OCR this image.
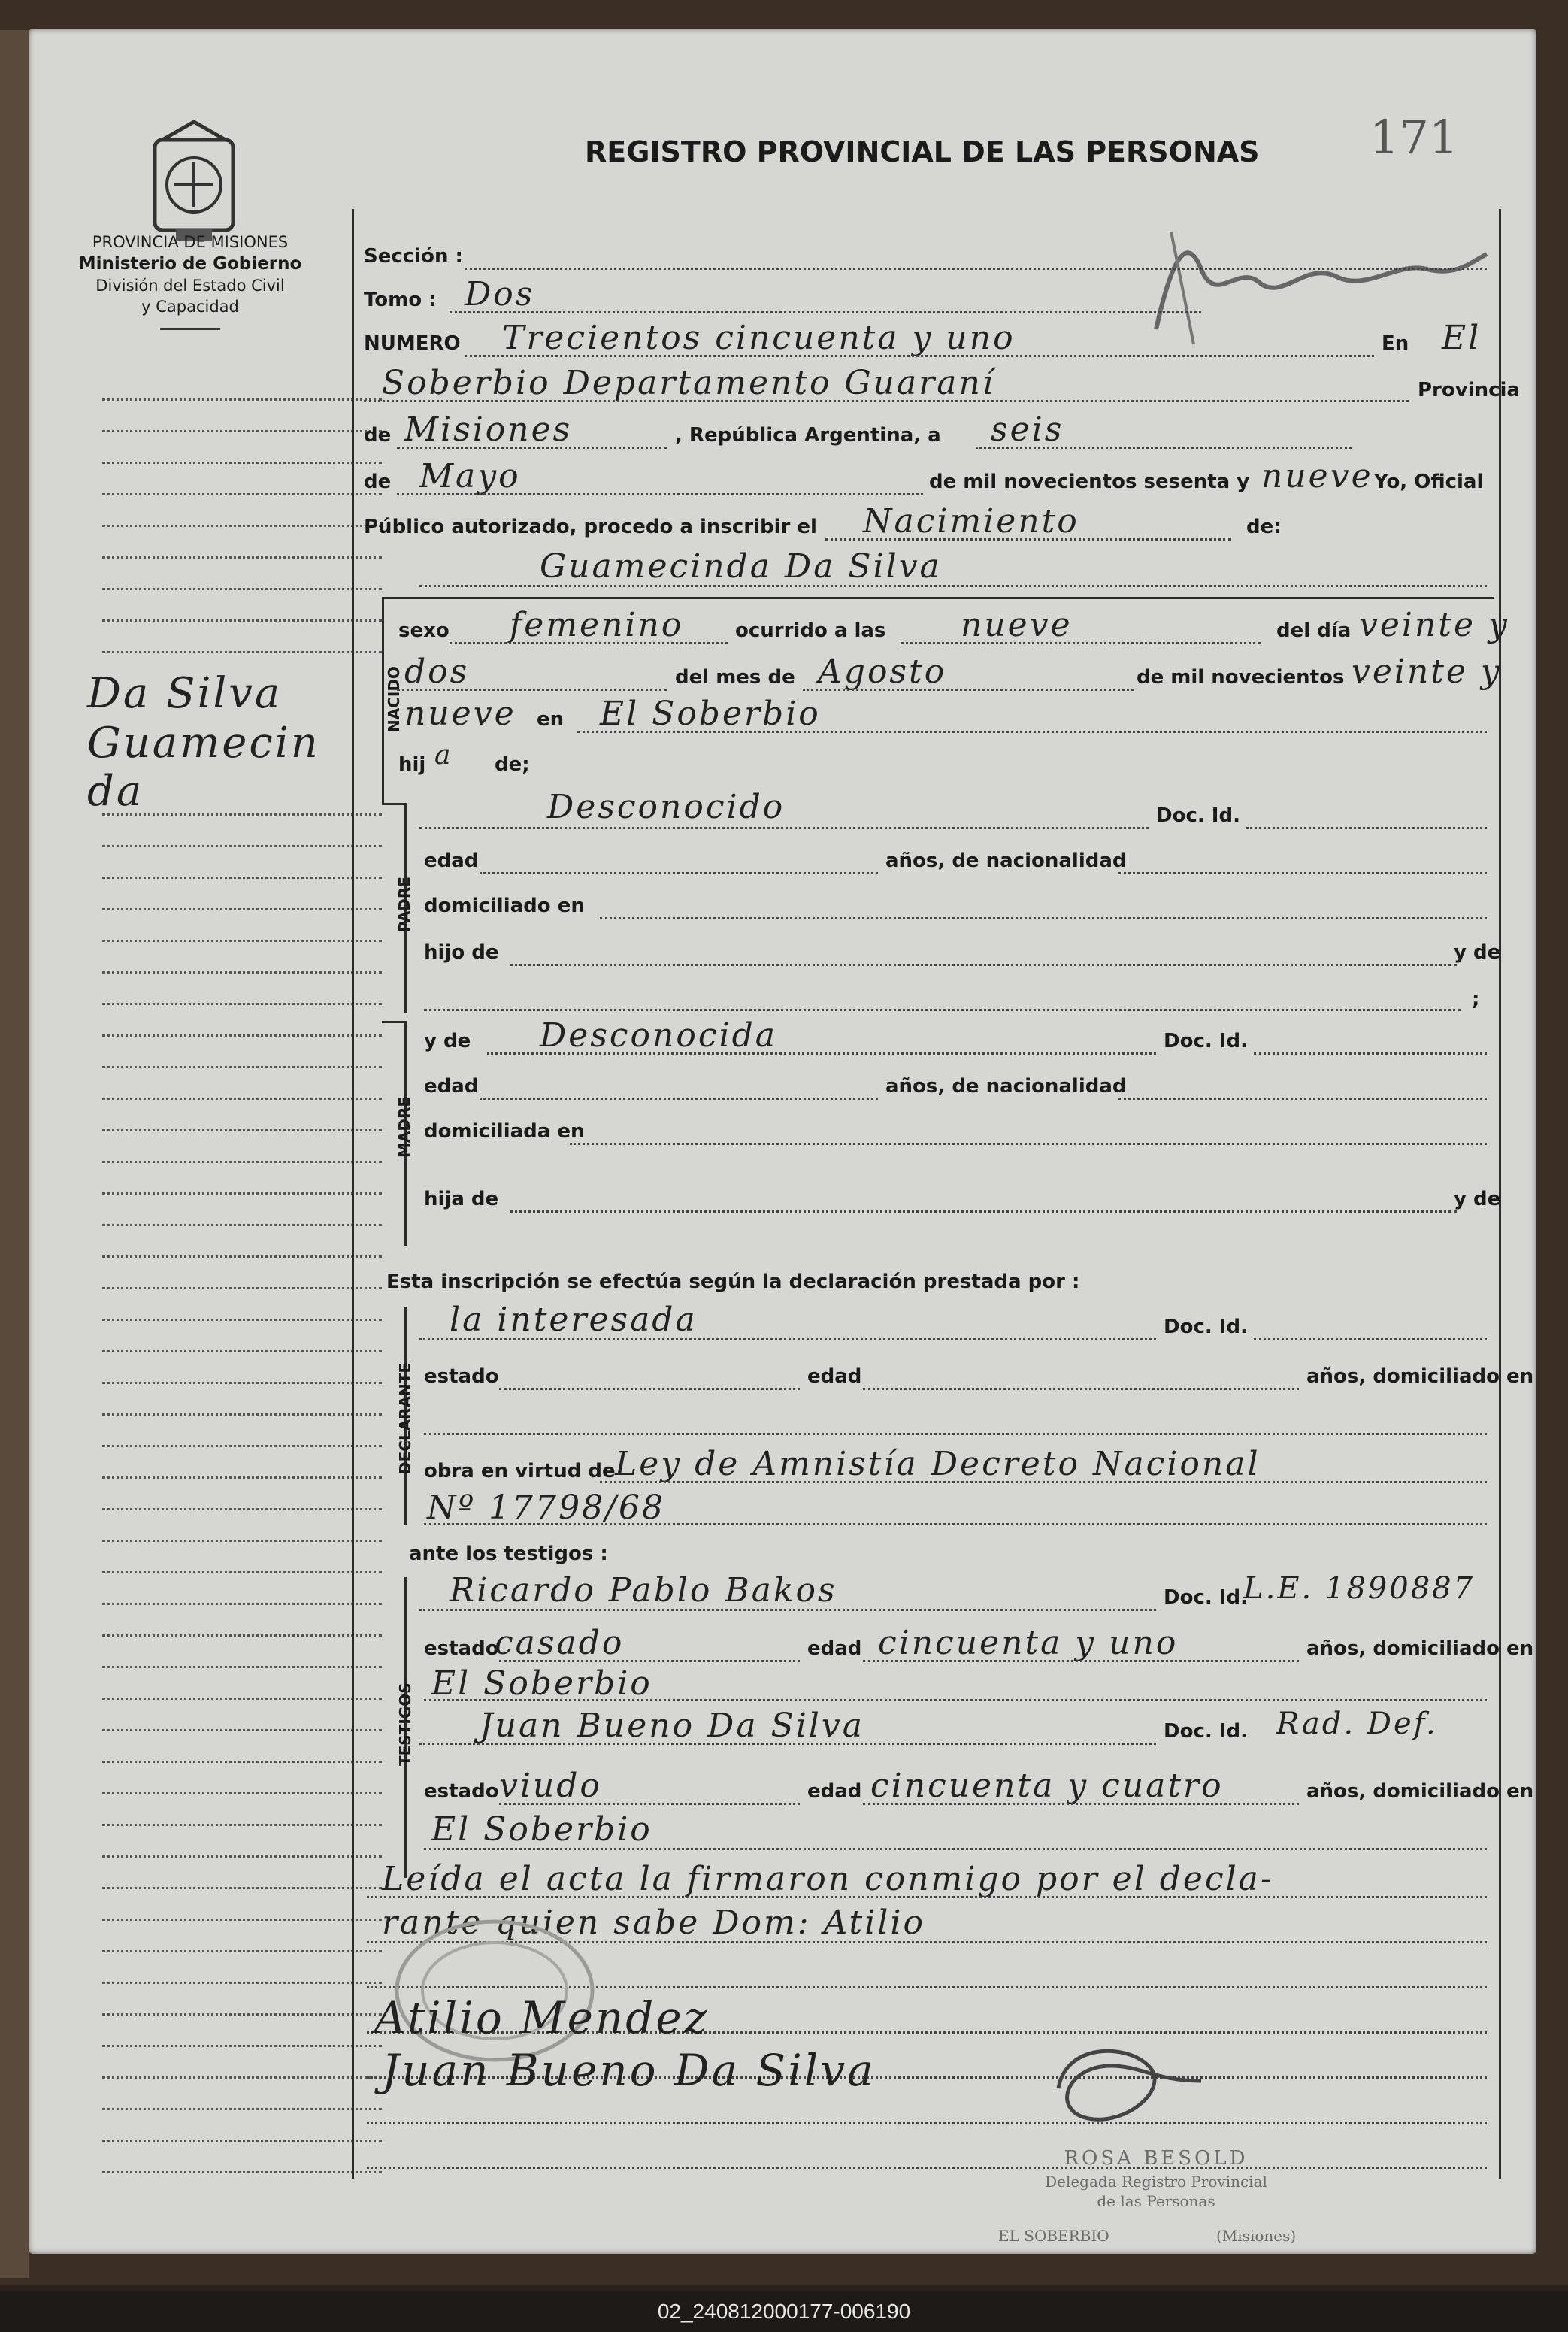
171
PROVINCIA DE MISIONES
Ministerio de Gobierno
División del Estado Civil
y Capacidad
REGISTRO PROVINCIAL DE LAS PERSONAS
Da Silva
Guamecin
da
Sección :
Tomo : Dos
NUMERO Trecientos cincuenta y uno	En El
Soberbio Departamento Guaraní	Provincia
de Misiones	, República Argentina, a seis
de Mayo	de mil novecientos sesenta y nueve Yo, Oficial
Público autorizado, procedo a inscribir el Nacimiento	de:
Guamecinda Da Silva
NACIDO
sexo femenino	ocurrido a las nueve	del día veinte y
dos	del mes de Agosto	de mil novecientos veinte y
nueve en El Soberbio
hij a de;
PADRE
Desconocido	Doc. Id.
edad	años, de nacionalidad
domiciliado en
hijo de	y de
;
MADRE
y de Desconocida	Doc. Id.
edad	años, de nacionalidad
domiciliada en
hija de	y de
Esta inscripción se efectúa según la declaración prestada por :
DECLARANTE
la interesada	Doc. Id.
estado	edad	años, domiciliado en
obra en virtud de Ley de Amnistía Decreto Nacional
Nº 17798/68
ante los testigos :
TESTIGOS
Ricardo Pablo Bakos	Doc. Id.
L.E. 1890887
estado
casado	edad cincuenta y uno	años, domiciliado en
El Soberbio
Juan Bueno Da Silva	Doc. Id. Rad. Def.
estado viudo	edad cincuenta y cuatro	años, domiciliado en
El Soberbio
Leída el acta la firmaron conmigo por el decla-
rante quien sabe Dom: Atilio
Atilio Mendez
Juan Bueno Da Silva
ROSA BESOLD
Delegada Registro Provincial
de las Personas
EL SOBERBIO	(Misiones)
02_240812000177-006190
